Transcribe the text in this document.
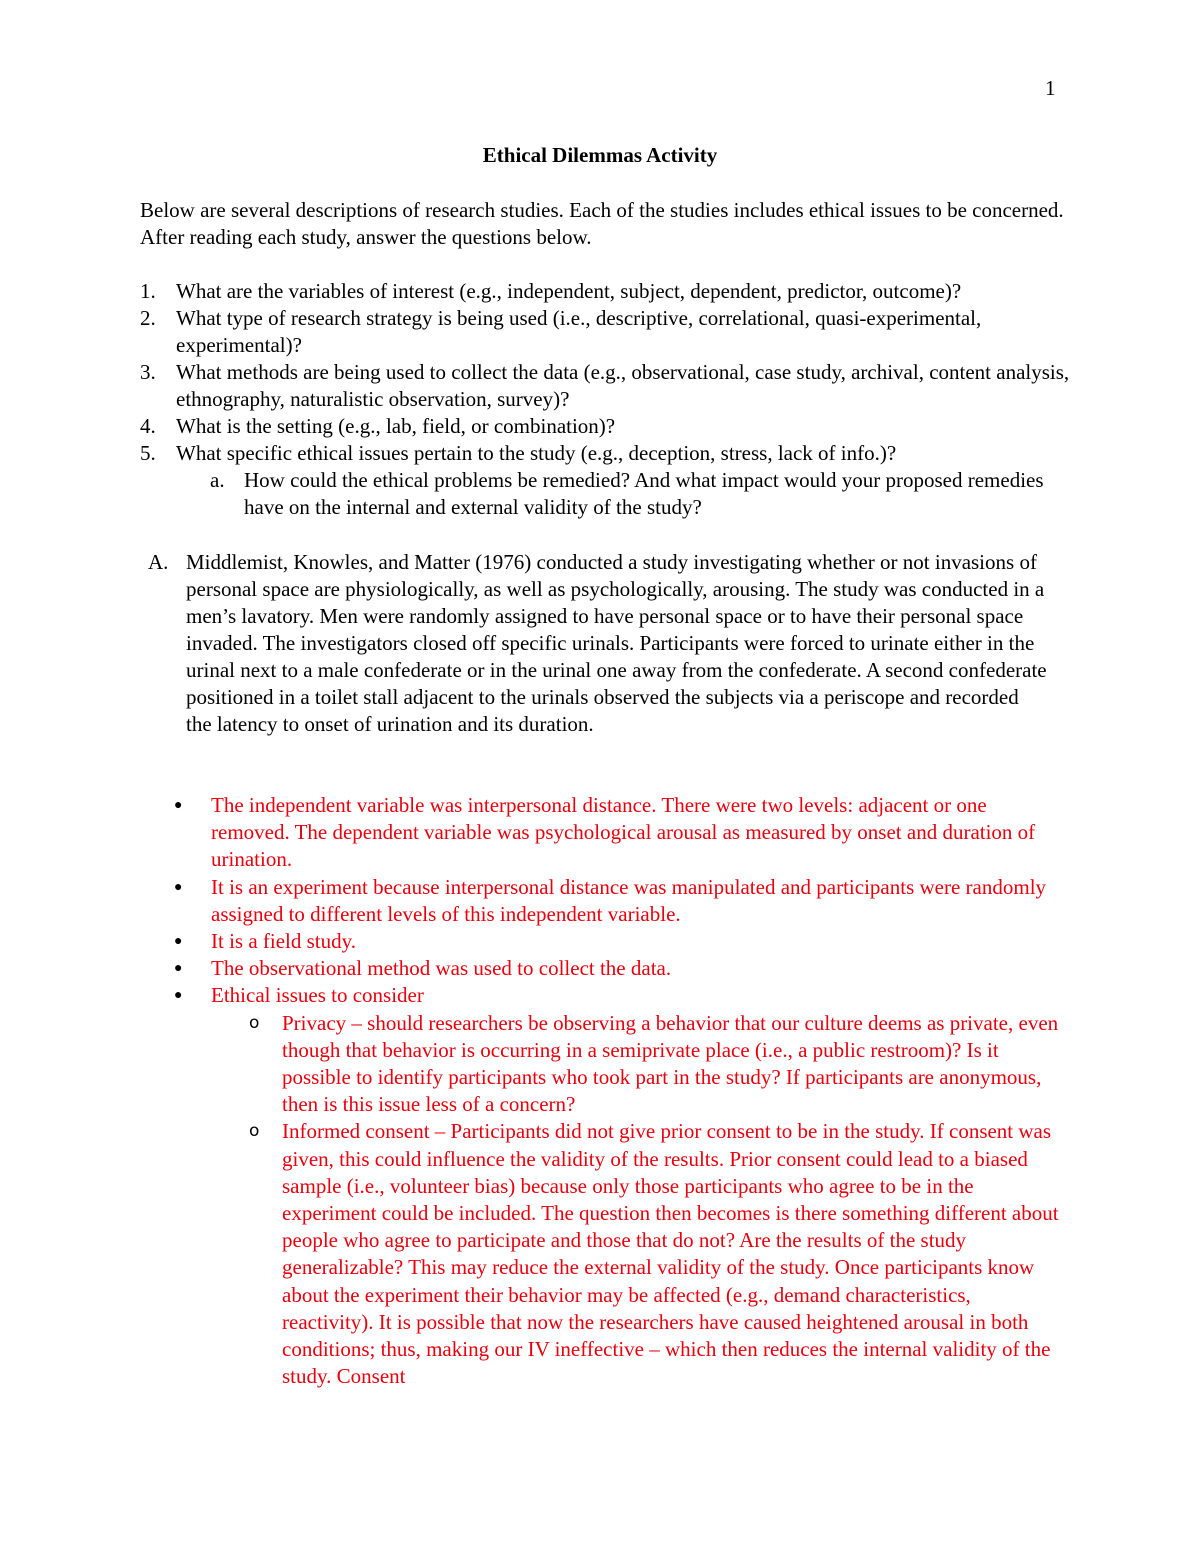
1
Ethical Dilemmas Activity
Below are several descriptions of research studies. Each of the studies includes ethical issues to be concerned. After reading each study, answer the questions below.
1. What are the variables of interest (e.g., independent, subject, dependent, predictor, outcome)?
2. What type of research strategy is being used (i.e., descriptive, correlational, quasi-experimental, experimental)?
3. What methods are being used to collect the data (e.g., observational, case study, archival, content analysis, ethnography, naturalistic observation, survey)?
4. What is the setting (e.g., lab, field, or combination)?
5. What specific ethical issues pertain to the study (e.g., deception, stress, lack of info.)?
a. How could the ethical problems be remedied? And what impact would your proposed remedies have on the internal and external validity of the study?
A. Middlemist, Knowles, and Matter (1976) conducted a study investigating whether or not invasions of personal space are physiologically, as well as psychologically, arousing. The study was conducted in a men’s lavatory. Men were randomly assigned to have personal space or to have their personal space invaded. The investigators closed off specific urinals. Participants were forced to urinate either in the urinal next to a male confederate or in the urinal one away from the confederate. A second confederate positioned in a toilet stall adjacent to the urinals observed the subjects via a periscope and recorded the latency to onset of urination and its duration.
●	The independent variable was interpersonal distance. There were two levels: adjacent or one removed. The dependent variable was psychological arousal as measured by onset and duration of urination.
●	It is an experiment because interpersonal distance was manipulated and participants were randomly assigned to different levels of this independent variable.
●	It is a field study.
●	The observational method was used to collect the data.
●	Ethical issues to consider
o	Privacy – should researchers be observing a behavior that our culture deems as private, even though that behavior is occurring in a semiprivate place (i.e., a public restroom)? Is it possible to identify participants who took part in the study? If participants are anonymous, then is this issue less of a concern?
o	Informed consent – Participants did not give prior consent to be in the study. If consent was given, this could influence the validity of the results. Prior consent could lead to a biased sample (i.e., volunteer bias) because only those participants who agree to be in the experiment could be included. The question then becomes is there something different about people who agree to participate and those that do not? Are the results of the study generalizable? This may reduce the external validity of the study. Once participants know about the experiment their behavior may be affected (e.g., demand characteristics, reactivity). It is possible that now the researchers have caused heightened arousal in both conditions; thus, making our IV ineffective – which then reduces the internal validity of the study. Consent
